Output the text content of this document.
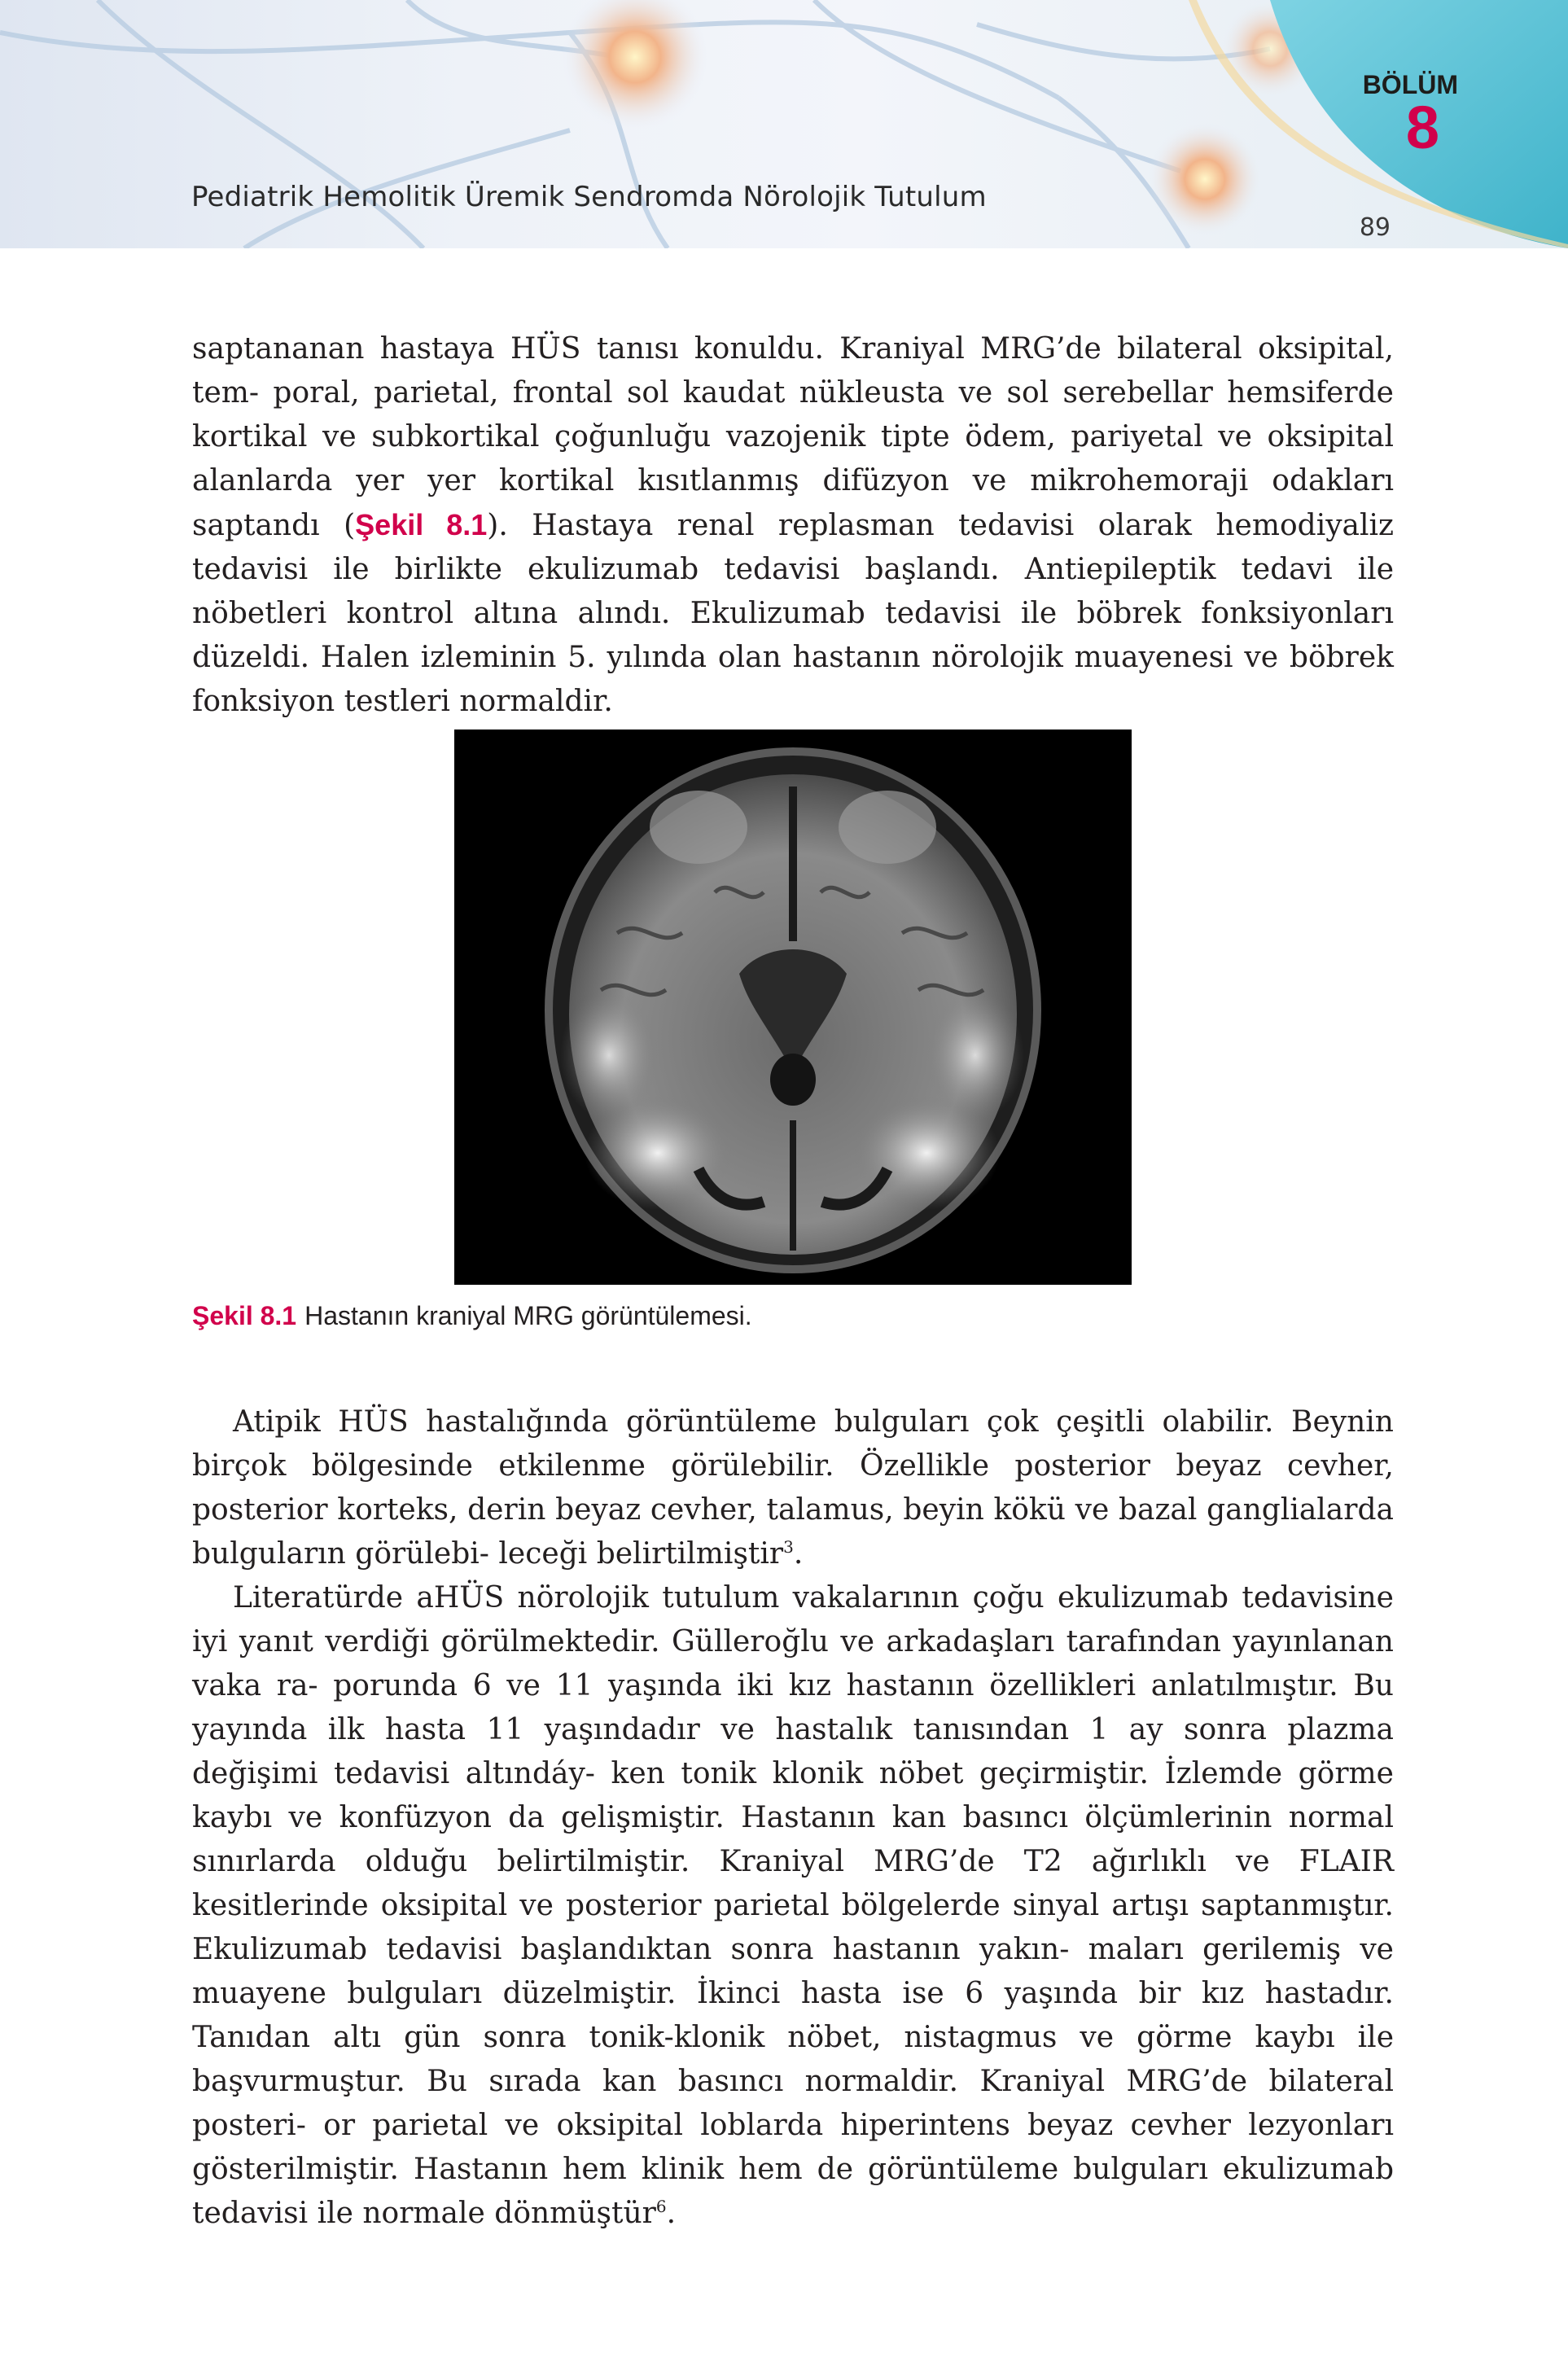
Pediatrik Hemolitik Üremik Sendromda Nörolojik Tutulum
BÖLÜM
8
89

saptananan hastaya HÜS tanısı konuldu. Kraniyal MRG’de bilateral oksipital, tem- poral, parietal, frontal sol kaudat nükleusta ve sol serebellar hemsiferde kortikal ve subkortikal çoğunluğu vazojenik tipte ödem, pariyetal ve oksipital alanlarda yer yer kortikal kısıtlanmış difüzyon ve mikrohemoraji odakları saptandı (Şekil 8.1). Hastaya renal replasman tedavisi olarak hemodiyaliz tedavisi ile birlikte ekulizumab tedavisi başlandı. Antiepileptik tedavi ile nöbetleri kontrol altına alındı. Ekulizumab tedavisi ile böbrek fonksiyonları düzeldi. Halen izleminin 5. yılında olan hastanın nörolojik muayenesi ve böbrek fonksiyon testleri normaldir.

Şekil 8.1 Hastanın kraniyal MRG görüntülemesi.

Atipik HÜS hastalığında görüntüleme bulguları çok çeşitli olabilir. Beynin birçok bölgesinde etkilenme görülebilir. Özellikle posterior beyaz cevher, posterior korteks, derin beyaz cevher, talamus, beyin kökü ve bazal ganglialarda bulguların görülebi- leceği belirtilmiştir$^3$.

Literatürde aHÜS nörolojik tutulum vakalarının çoğu ekulizumab tedavisine iyi yanıt verdiği görülmektedir. Gülleroğlu ve arkadaşları tarafından yayınlanan vaka ra- porunda 6 ve 11 yaşında iki kız hastanın özellikleri anlatılmıştır. Bu yayında ilk hasta 11 yaşındadır ve hastalık tanısından 1 ay sonra plazma değişimi tedavisi altındáy- ken tonik klonik nöbet geçirmiştir. İzlemde görme kaybı ve konfüzyon da gelişmiştir. Hastanın kan basıncı ölçümlerinin normal sınırlarda olduğu belirtilmiştir. Kraniyal MRG’de T2 ağırlıklı ve FLAIR kesitlerinde oksipital ve posterior parietal bölgelerde sinyal artışı saptanmıştır. Ekulizumab tedavisi başlandıktan sonra hastanın yakın- maları gerilemiş ve muayene bulguları düzelmiştir. İkinci hasta ise 6 yaşında bir kız hastadır. Tanıdan altı gün sonra tonik-klonik nöbet, nistagmus ve görme kaybı ile başvurmuştur. Bu sırada kan basıncı normaldir. Kraniyal MRG’de bilateral posteri- or parietal ve oksipital loblarda hiperintens beyaz cevher lezyonları gösterilmiştir. Hastanın hem klinik hem de görüntüleme bulguları ekulizumab tedavisi ile normale dönmüştür$^6$.
